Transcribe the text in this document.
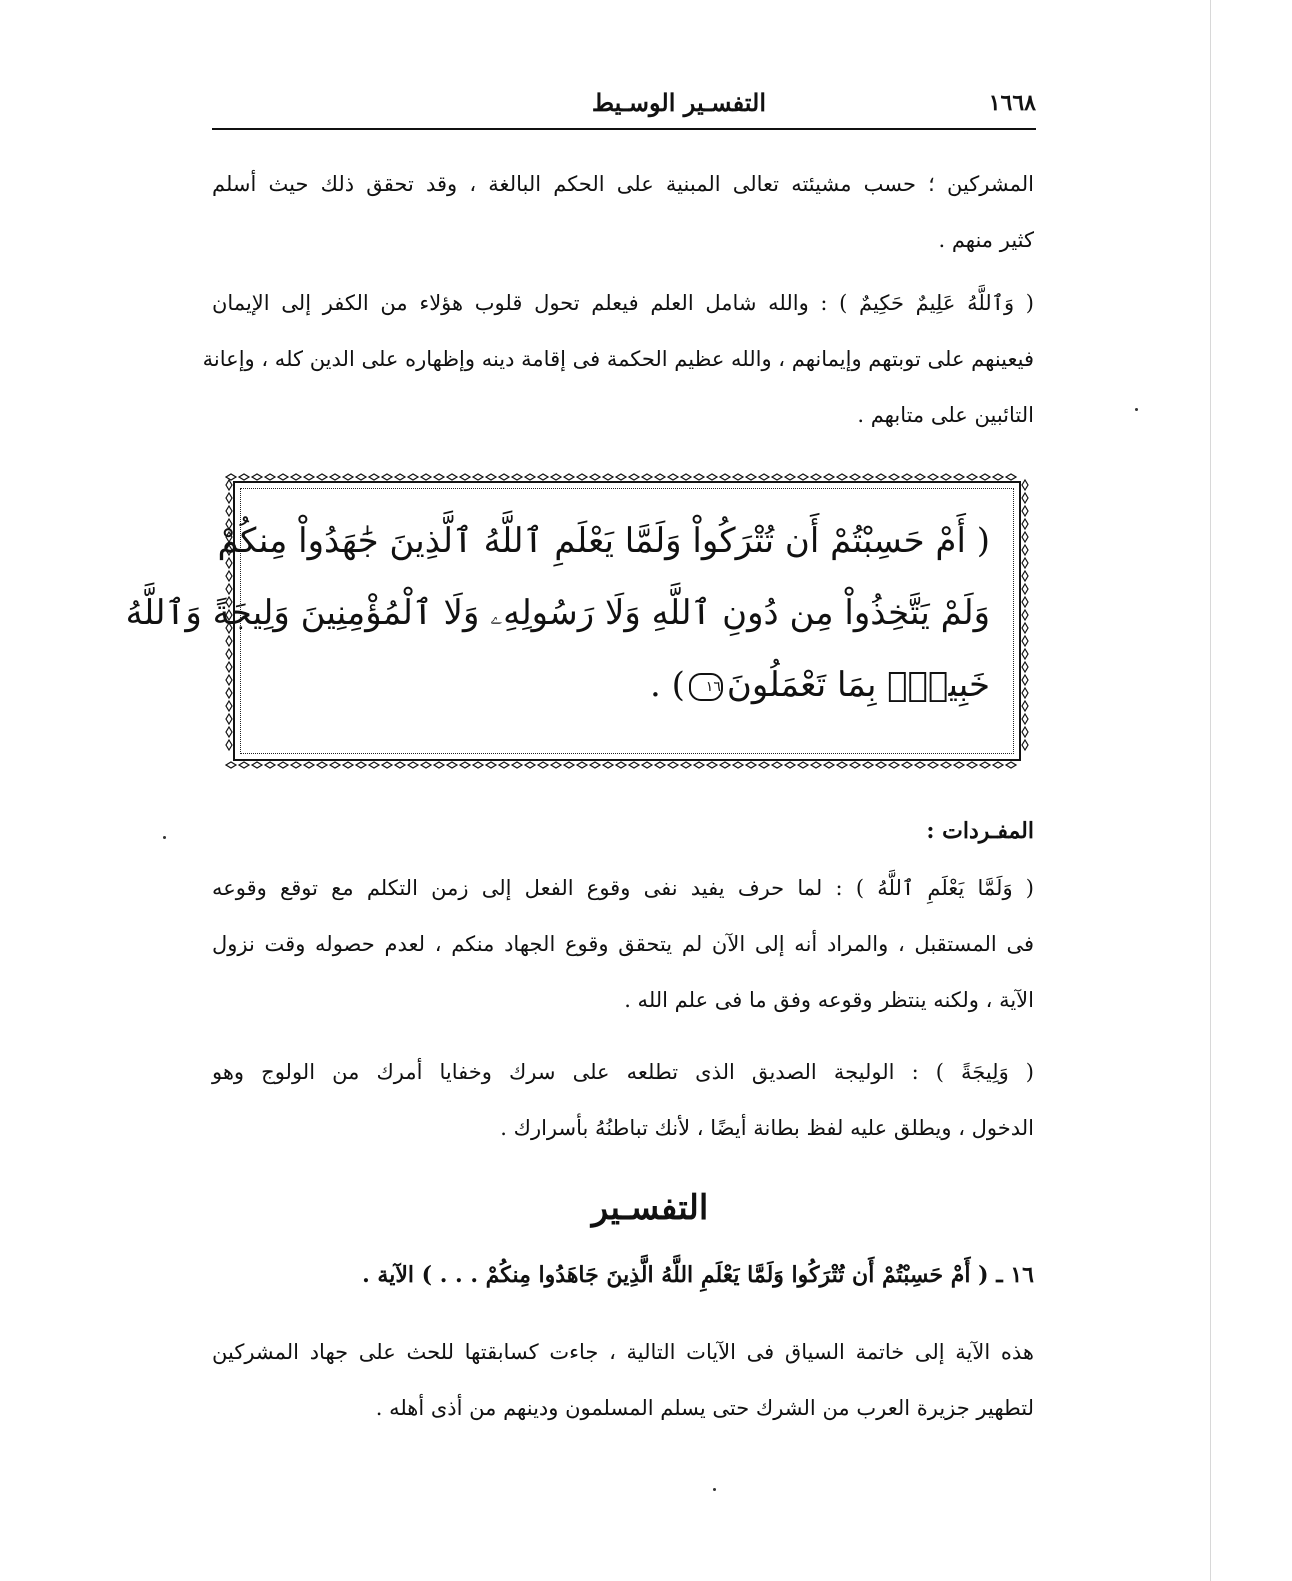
١٦٦٨
التفسـير الوسـيط
المشركين ؛ حسب مشيئته تعالى المبنية على الحكم البالغة ، وقد تحقق ذلك حيث أسلم
كثير منهم .
( وَٱللَّهُ عَلِيمٌ حَكِيمٌ ) : والله شامل العلم فيعلم تحول قلوب هؤلاء من الكفر إلى الإيمان
فيعينهم على توبتهم وإيمانهم ، والله عظيم الحكمة فى إقامة دينه وإظهاره على الدين كله ، وإعانة
التائبين على متابهم .
( أَمْ حَسِبْتُمْ أَن تُتْرَكُواْ وَلَمَّا يَعْلَمِ ٱللَّهُ ٱلَّذِينَ جَٰهَدُواْ مِنكُمْ
وَلَمْ يَتَّخِذُواْ مِن دُونِ ٱللَّهِ وَلَا رَسُولِهِۦ وَلَا ٱلْمُؤْمِنِينَ وَلِيجَةً وَٱللَّهُ
خَبِيرٌۢ بِمَا تَعْمَلُونَ١٦) .
المفـردات :
( وَلَمَّا يَعْلَمِ ٱللَّهُ ) : لما حرف يفيد نفى وقوع الفعل إلى زمن التكلم مع توقع وقوعه
فى المستقبل ، والمراد أنه إلى الآن لم يتحقق وقوع الجهاد منكم ، لعدم حصوله وقت نزول
الآية ، ولكنه ينتظر وقوعه وفق ما فى علم الله .
( وَلِيجَةً ) : الوليجة الصديق الذى تطلعه على سرك وخفايا أمرك من الولوج وهو
الدخول ، ويطلق عليه لفظ بطانة أيضًا ، لأنك تباطنُهُ بأسرارك .
التفسـير
١٦ ـ ( أَمْ حَسِبْتُمْ أَن تُتْرَكُوا وَلَمَّا يَعْلَمِ اللَّهُ الَّذِينَ جَاهَدُوا مِنكُمْ . . . ) الآية .
هذه الآية إلى خاتمة السياق فى الآيات التالية ، جاءت كسابقتها للحث على جهاد المشركين
لتطهير جزيرة العرب من الشرك حتى يسلم المسلمون ودينهم من أذى أهله .
